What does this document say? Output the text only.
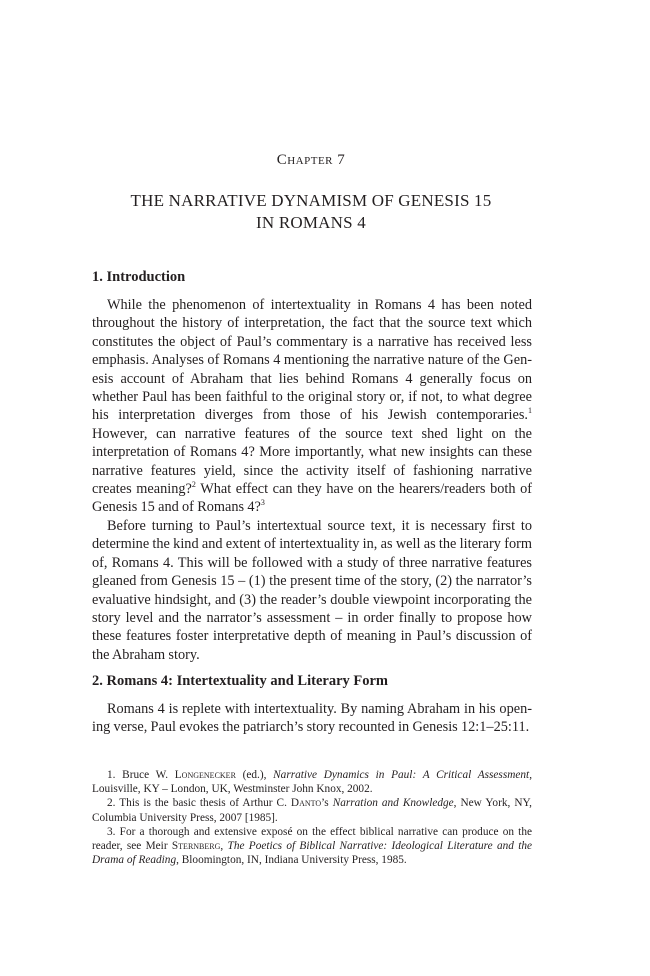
Chapter 7
THE NARRATIVE DYNAMISM OF GENESIS 15
IN ROMANS 4
1. Introduction

While the phenomenon of intertextuality in Romans 4 has been noted throughout the history of interpretation, the fact that the source text which constitutes the object of Paul’s commentary is a narrative has received less emphasis. Analyses of Romans 4 mentioning the narrative nature of the Genesis account of Abraham that lies behind Romans 4 generally focus on whether Paul has been faithful to the original story or, if not, to what degree his interpretation diverges from those of his Jewish contemporaries.$^1$ However, can narrative features of the source text shed light on the interpretation of Romans 4? More importantly, what new insights can these narrative features yield, since the activity itself of fashioning narrative creates meaning?$^2$ What effect can they have on the hearers/readers both of Genesis 15 and of Romans 4?$^3$

Before turning to Paul’s intertextual source text, it is necessary first to determine the kind and extent of intertextuality in, as well as the literary form of, Romans 4. This will be followed with a study of three narrative features gleaned from Genesis 15 – (1) the present time of the story, (2) the narrator’s evaluative hindsight, and (3) the reader’s double viewpoint incorporating the story level and the narrator’s assessment – in order finally to propose how these features foster interpretative depth of meaning in Paul’s discussion of the Abraham story.

2. Romans 4: Intertextuality and Literary Form

Romans 4 is replete with intertextuality. By naming Abraham in his opening verse, Paul evokes the patriarch’s story recounted in Genesis 12:1–25:11.

1. Bruce W. Longenecker (ed.), Narrative Dynamics in Paul: A Critical Assessment, Louisville, KY – London, UK, Westminster John Knox, 2002.

2. This is the basic thesis of Arthur C. Danto’s Narration and Knowledge, New York, NY, Columbia University Press, 2007 [1985].

3. For a thorough and extensive exposé on the effect biblical narrative can produce on the reader, see Meir Sternberg, The Poetics of Biblical Narrative: Ideological Literature and the Drama of Reading, Bloomington, IN, Indiana University Press, 1985.
